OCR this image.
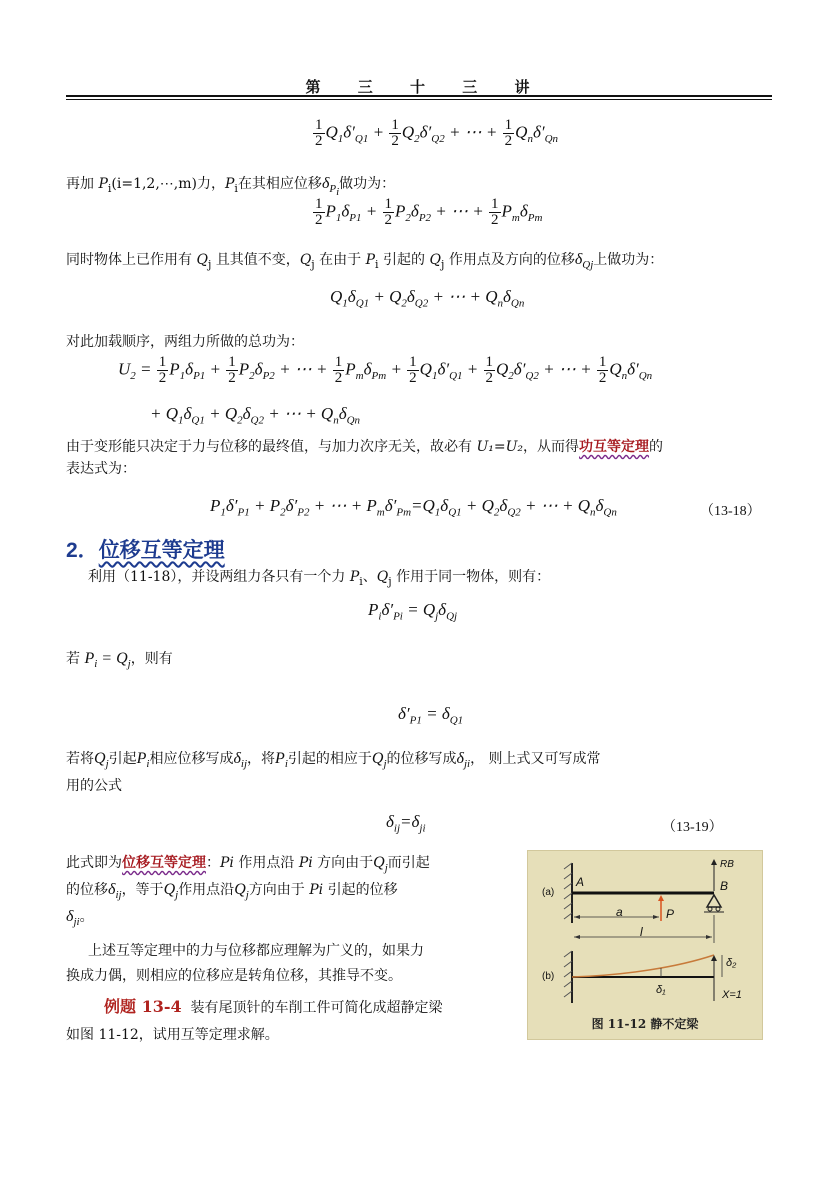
第 三 十 三 讲
$\frac{1}{2} Q_1\delta'_{Q1} + \frac{1}{2} Q_2\delta'_{Q2}$ + ⋯ + $\frac{1}{2} Q_n\delta'_{Qn}$
再加 $P_i(i=1,2,\cdots,m)$力，$P_i$在其相应位移$\delta_{P_i}$做功为：
$\frac{1}{2} P_1\delta_{P1} + \frac{1}{2} P_2\delta_{P2}$ + ⋯ + $\frac{1}{2} P_m\delta_{Pm}$
同时物体上已作用有 $Q_j$ 且其值不变，$Q_j$ 在由于 $P_i$ 引起的 $Q_j$ 作用点及方向的位移$\delta_{Qj}$上做功为：
$Q_1\delta_{Q1} + Q_2\delta_{Q2}$ + ⋯ + $Q_n\delta_{Qn}$
对此加载顺序，两组力所做的总功为：
$U_2 = \frac{1}{2} P_1\delta_{P1} + \frac{1}{2} P_2\delta_{P2}$ + ⋯ + $\frac{1}{2} P_m\delta_{Pm} + \frac{1}{2} Q_1\delta'_{Q1} + \frac{1}{2} Q_2\delta'_{Q2}$ + ⋯ + $\frac{1}{2} Q_n\delta'_{Qn}$
+ $Q_1\delta_{Q1} + Q_2\delta_{Q2}$ + ⋯ + $Q_n\delta_{Qn}$
由于变形能只决定于力与位移的最终值，与加力次序无关，故必有 U₁=U₂，从而得功互等定理的
表达式为：
$P_1\delta'_{P1} + P_2\delta'_{P2}$ + ⋯ + $P_m\delta'_{Pm}=Q_1\delta_{Q1} + Q_2\delta_{Q2}$ + ⋯ + $Q_n\delta_{Qn}$	（13-18）
2．位移互等定理
利用（11-18），并设两组力各只有一个力 $P_i$、$Q_j$ 作用于同一物体，则有：
$P_i\delta'_{Pi} = Q_j\delta_{Qj}$
若 $P_i = Q_j$，则有
$\delta'_{P1} = \delta_{Q1}$
若将$Q_j$引起$P_i$相应位移写成$\delta_{ij}$，将$P_i$引起的相应于$Q_j$的位移写成$\delta_{ji}$， 则上式又可写成常
用的公式
$\delta_{ij}=\delta_{ji}$	（13-19）
此式即为位移互等定理：Pi 作用点沿 Pi 方向由于$Q_j$而引起
的位移$\delta_{ij}$，等于$Q_j$作用点沿$Q_j$方向由于 Pi 引起的位移
$\delta_{ji}$。
上述互等定理中的力与位移都应理解为广义的，如果力
换成力偶，则相应的位移应是转角位移，其推导不变。
例题 13-4 装有尾顶针的车削工件可简化成超静定梁
如图 11-12，试用互等定理求解。
(a)
(b)
A	B
RB
a	P
l
δ₁
δ₂
X=1
图 11-12 静不定梁
